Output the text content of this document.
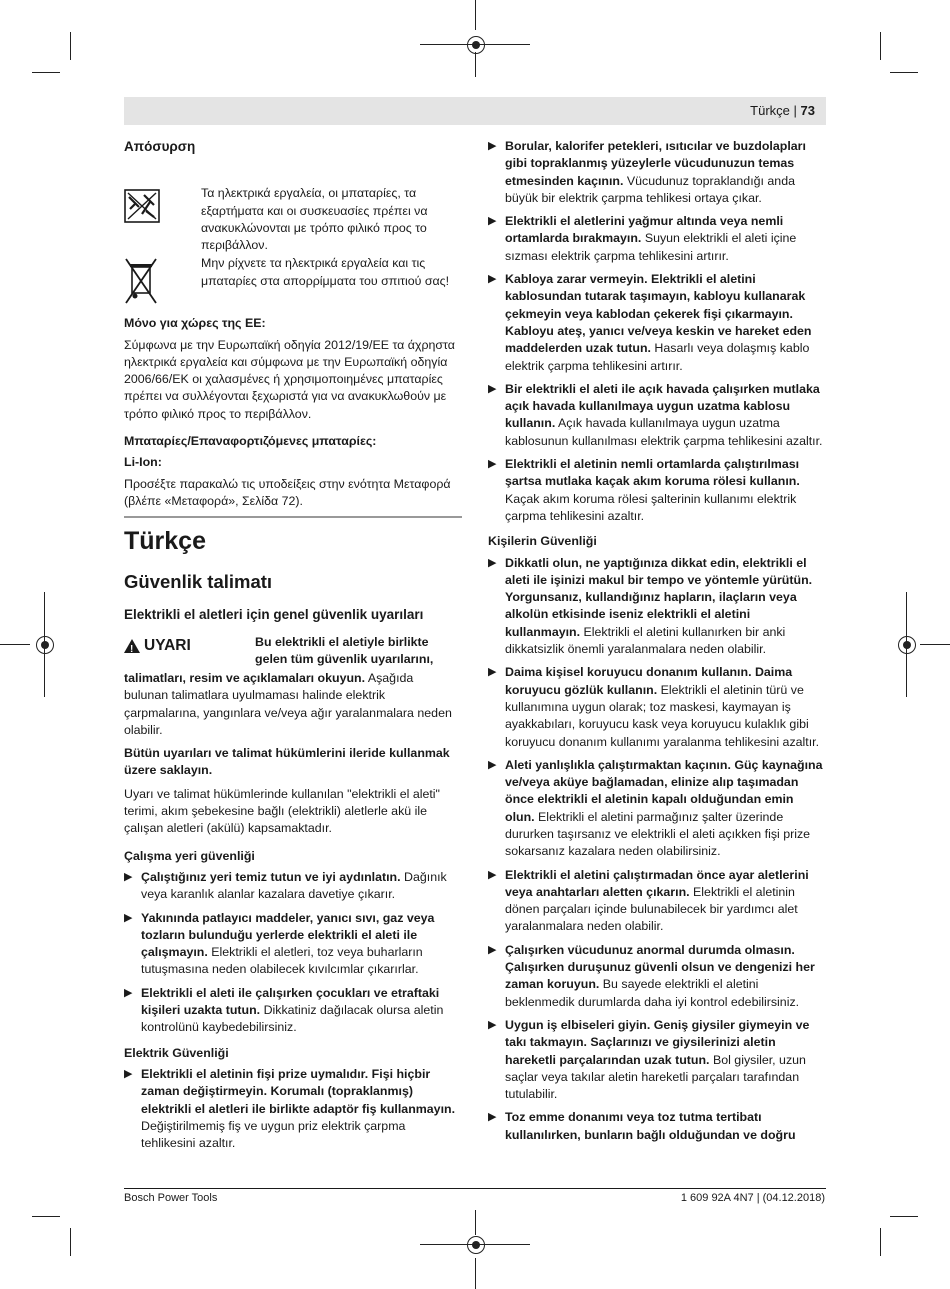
Türkçe | 73
Απόσυρση
Τα ηλεκτρικά εργαλεία, οι μπαταρίες, τα εξαρτήματα και οι συσκευασίες πρέπει να ανακυκλώνονται με τρόπο φιλικό προς το περιβάλλον.
Μην ρίχνετε τα ηλεκτρικά εργαλεία και τις μπαταρίες στα απορρίμματα του σπιτιού σας!
Μόνο για χώρες της ΕΕ:

Σύμφωνα με την Ευρωπαϊκή οδηγία 2012/19/ΕΕ τα άχρηστα ηλεκτρικά εργαλεία και σύμφωνα με την Ευρωπαϊκή οδηγία 2006/66/ΕΚ οι χαλασμένες ή χρησιμοποιημένες μπαταρίες πρέπει να συλλέγονται ξεχωριστά για να ανακυκλωθούν με τρόπο φιλικό προς το περιβάλλον.

Μπαταρίες/Επαναφορτιζόμενες μπαταρίες:
Li-Ion:

Προσέξτε παρακαλώ τις υποδείξεις στην ενότητα Μεταφορά (βλέπε «Μεταφορά», Σελίδα 72).

Türkçe
Güvenlik talimatı
Elektrikli el aletleri için genel güvenlik uyarıları
! UYARI	Bu elektrikli el aletiyle birlikte gelen tüm güvenlik uyarılarını,

talimatları, resim ve açıklamaları okuyun. Aşağıda bulunan talimatlara uyulmaması halinde elektrik çarpmalarına, yangınlara ve/veya ağır yaralanmalara neden olabilir.

Bütün uyarıları ve talimat hükümlerini ileride kullanmak üzere saklayın.

Uyarı ve talimat hükümlerinde kullanılan "elektrikli el aleti" terimi, akım şebekesine bağlı (elektrikli) aletlerle akü ile çalışan aletleri (akülü) kapsamaktadır.

Çalışma yeri güvenliği
▶ Çalıştığınız yeri temiz tutun ve iyi aydınlatın. Dağınık veya karanlık alanlar kazalara davetiye çıkarır.
▶ Yakınında patlayıcı maddeler, yanıcı sıvı, gaz veya tozların bulunduğu yerlerde elektrikli el aleti ile çalışmayın. Elektrikli el aletleri, toz veya buharların tutuşmasına neden olabilecek kıvılcımlar çıkarırlar.
▶ Elektrikli el aleti ile çalışırken çocukları ve etraftaki kişileri uzakta tutun. Dikkatiniz dağılacak olursa aletin kontrolünü kaybedebilirsiniz.
Elektrik Güvenliği
▶ Elektrikli el aletinin fişi prize uymalıdır. Fişi hiçbir zaman değiştirmeyin. Korumalı (topraklanmış) elektrikli el aletleri ile birlikte adaptör fiş kullanmayın. Değiştirilmemiş fiş ve uygun priz elektrik çarpma tehlikesini azaltır.
▶ Borular, kalorifer petekleri, ısıtıcılar ve buzdolapları gibi topraklanmış yüzeylerle vücudunuzun temas etmesinden kaçının. Vücudunuz topraklandığı anda büyük bir elektrik çarpma tehlikesi ortaya çıkar.
▶ Elektrikli el aletlerini yağmur altında veya nemli ortamlarda bırakmayın. Suyun elektrikli el aleti içine sızması elektrik çarpma tehlikesini artırır.
▶ Kabloya zarar vermeyin. Elektrikli el aletini kablosundan tutarak taşımayın, kabloyu kullanarak çekmeyin veya kablodan çekerek fişi çıkarmayın. Kabloyu ateş, yanıcı ve/veya keskin ve hareket eden maddelerden uzak tutun. Hasarlı veya dolaşmış kablo elektrik çarpma tehlikesini artırır.
▶ Bir elektrikli el aleti ile açık havada çalışırken mutlaka açık havada kullanılmaya uygun uzatma kablosu kullanın. Açık havada kullanılmaya uygun uzatma kablosunun kullanılması elektrik çarpma tehlikesini azaltır.
▶ Elektrikli el aletinin nemli ortamlarda çalıştırılması şartsa mutlaka kaçak akım koruma rölesi kullanın. Kaçak akım koruma rölesi şalterinin kullanımı elektrik çarpma tehlikesini azaltır.
Kişilerin Güvenliği
▶ Dikkatli olun, ne yaptığınıza dikkat edin, elektrikli el aleti ile işinizi makul bir tempo ve yöntemle yürütün. Yorgunsanız, kullandığınız hapların, ilaçların veya alkolün etkisinde iseniz elektrikli el aletini kullanmayın. Elektrikli el aletini kullanırken bir anki dikkatsizlik önemli yaralanmalara neden olabilir.
▶ Daima kişisel koruyucu donanım kullanın. Daima koruyucu gözlük kullanın. Elektrikli el aletinin türü ve kullanımına uygun olarak; toz maskesi, kaymayan iş ayakkabıları, koruyucu kask veya koruyucu kulaklık gibi koruyucu donanım kullanımı yaralanma tehlikesini azaltır.
▶ Aleti yanlışlıkla çalıştırmaktan kaçının. Güç kaynağına ve/veya aküye bağlamadan, elinize alıp taşımadan önce elektrikli el aletinin kapalı olduğundan emin olun. Elektrikli el aletini parmağınız şalter üzerinde dururken taşırsanız ve elektrikli el aleti açıkken fişi prize sokarsanız kazalara neden olabilirsiniz.
▶ Elektrikli el aletini çalıştırmadan önce ayar aletlerini veya anahtarları aletten çıkarın. Elektrikli el aletinin dönen parçaları içinde bulunabilecek bir yardımcı alet yaralanmalara neden olabilir.
▶ Çalışırken vücudunuz anormal durumda olmasın. Çalışırken duruşunuz güvenli olsun ve dengenizi her zaman koruyun. Bu sayede elektrikli el aletini beklenmedik durumlarda daha iyi kontrol edebilirsiniz.
▶ Uygun iş elbiseleri giyin. Geniş giysiler giymeyin ve takı takmayın. Saçlarınızı ve giysilerinizi aletin hareketli parçalarından uzak tutun. Bol giysiler, uzun saçlar veya takılar aletin hareketli parçaları tarafından tutulabilir.
▶ Toz emme donanımı veya toz tutma tertibatı kullanılırken, bunların bağlı olduğundan ve doğru
Bosch Power Tools	1 609 92A 4N7 | (04.12.2018)
